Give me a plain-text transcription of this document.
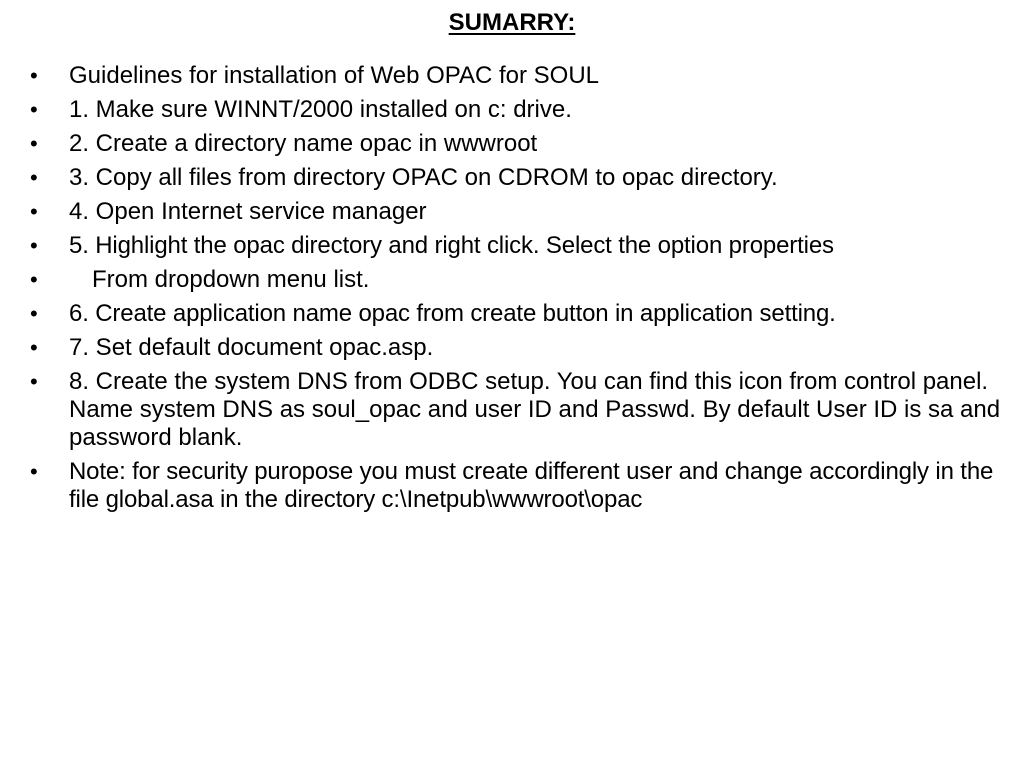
SUMARRY:
•	Guidelines for installation of Web OPAC for SOUL
•	1. Make sure WINNT/2000 installed on c: drive.
•	2. Create a directory name opac in wwwroot
•	3. Copy all files from directory OPAC on CDROM to opac directory.
•	4. Open Internet service manager
•	5. Highlight the opac directory and right click. Select the option properties
•	From dropdown menu list.
•	6. Create application name opac from create button in application setting.
•	7. Set default document opac.asp.
•	8. Create the system DNS from ODBC setup. You can find this icon from control panel. Name system DNS as soul_opac and user ID and Passwd. By default User ID is sa and password blank.
•	Note: for security puropose you must create different user and change accordingly in the file global.asa in the directory c:\Inetpub\wwwroot\opac
